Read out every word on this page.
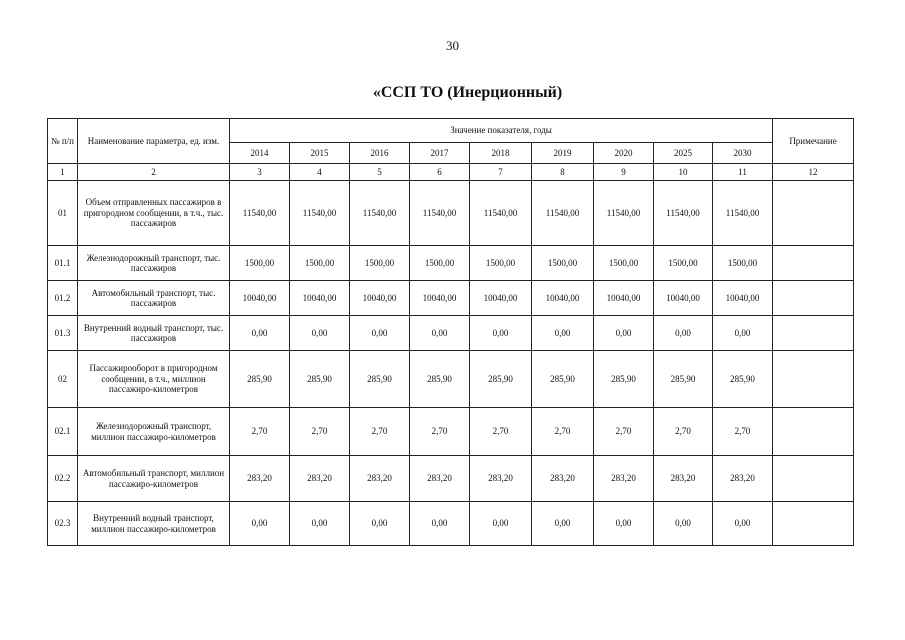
30
«ССП ТО (Инерционный)
№ п/п	Наименование параметра, ед. изм.	Значение показателя, годы									Примечание
		2014	2015	2016	2017	2018	2019	2020	2025	2030	
1	2	3	4	5	6	7	8	9	10	11	12
01	Объем отправленных пассажиров в пригородном сообщении, в т.ч., тыс. пассажиров	11540,00	11540,00	11540,00	11540,00	11540,00	11540,00	11540,00	11540,00	11540,00	
01.1	Железнодорожный транспорт, тыс. пассажиров	1500,00	1500,00	1500,00	1500,00	1500,00	1500,00	1500,00	1500,00	1500,00	
01.2	Автомобильный транспорт, тыс. пассажиров	10040,00	10040,00	10040,00	10040,00	10040,00	10040,00	10040,00	10040,00	10040,00	
01.3	Внутренний водный транспорт, тыс. пассажиров	0,00	0,00	0,00	0,00	0,00	0,00	0,00	0,00	0,00	
02	Пассажирооборот в пригородном сообщении, в т.ч., миллион пассажиро-километров	285,90	285,90	285,90	285,90	285,90	285,90	285,90	285,90	285,90	
02.1	Железнодорожный транспорт, миллион пассажиро-километров	2,70	2,70	2,70	2,70	2,70	2,70	2,70	2,70	2,70	
02.2	Автомобильный транспорт, миллион пассажиро-километров	283,20	283,20	283,20	283,20	283,20	283,20	283,20	283,20	283,20	
02.3	Внутренний водный транспорт, миллион пассажиро-километров	0,00	0,00	0,00	0,00	0,00	0,00	0,00	0,00	0,00	
